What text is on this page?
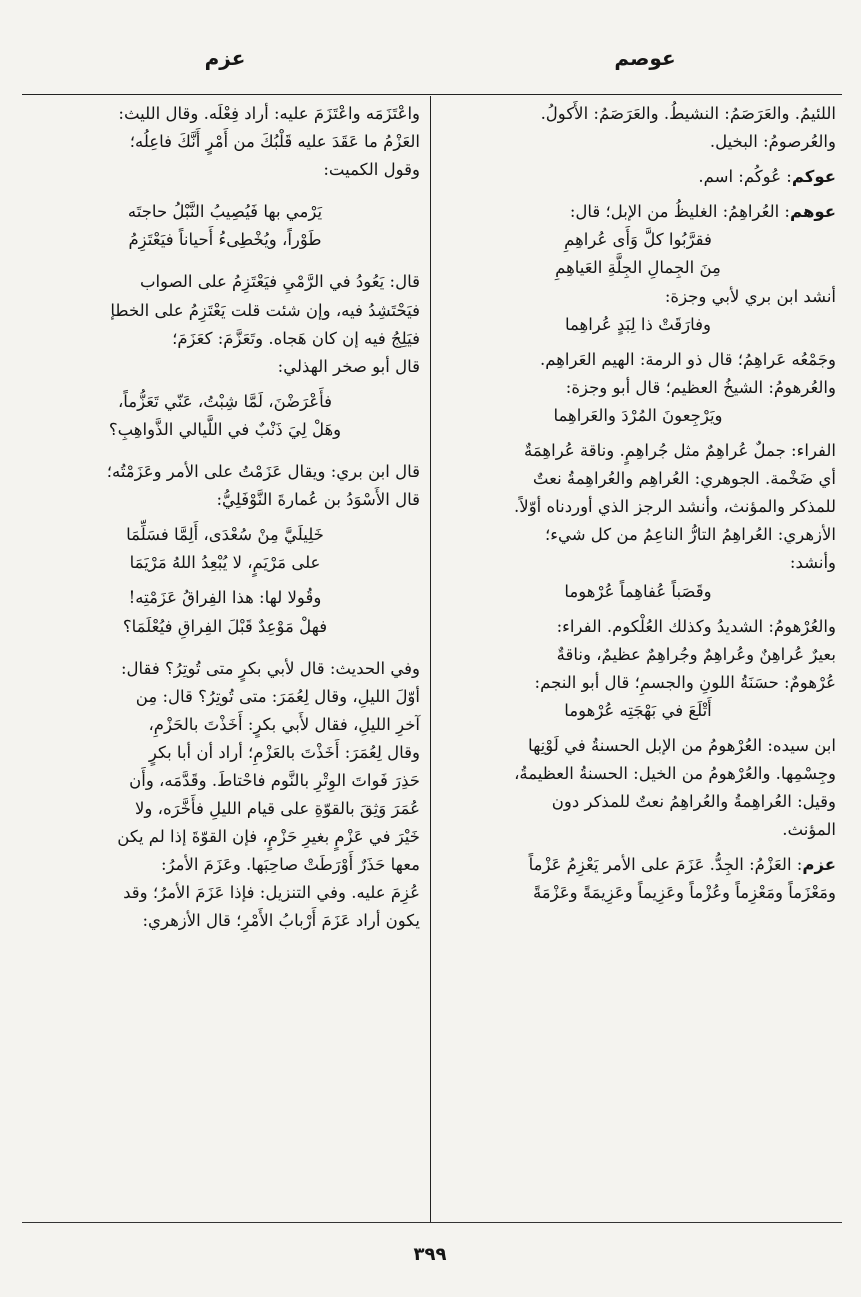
عوصم
عزم
اللئيمُ. والعَرَصَمُ: النشيطُ. والعَرَصَمُ: الأَكولُ.
والعُرصومُ: البخيل.
عوكم: عُوكُم: اسم.
عوهم: العُراهِمُ: الغليظُ من الإبل؛ قال:
فقرَّبُوا كلَّ وَأَى عُراهِمِ
مِنَ الجِمالِ الجِلَّةِ العَياهِمِ
أنشد ابن بري لأبي وجزة:
وفارَقَتْ ذا لِبَدٍ عُراهِما
وجَمْعُه عَراهِمُ؛ قال ذو الرمة: الهيم العَراهِم.
والعُرهومُ: الشيخُ العظيم؛ قال أبو وجزة:
ويَرْجِعونَ المُرْدَ والعَراهِما
الفراء: جملٌ عُراهِمٌ مثل جُراهِمٍ. وناقة عُراهِمَةٌ
أي ضَخْمة. الجوهري: العُراهِم والعُراهِمةُ نعتٌ
للمذكر والمؤنث، وأنشد الرجز الذي أوردناه أوّلاً.
الأزهري: العُراهِمُ التارُّ الناعِمُ من كل شيء؛
وأنشد:
وقَصَباً عُفاهِماً عُرْهوما
والعُرْهومُ: الشديدُ وكذلك العُلْكوم. الفراء:
بعيرٌ عُراهِنٌ وعُراهِمٌ وجُراهِمٌ عظيمٌ، وناقةٌ
عُرْهومٌ: حسَنَةُ اللونِ والجسمِ؛ قال أبو النجم:
أَتْلَعَ في بَهْجَتِه عُرْهوما
ابن سيده: العُرْهومُ من الإبل الحسنةُ في لَوْنِها
وجِسْمِها. والعُرْهومُ من الخيل: الحسنةُ العظيمةُ،
وقيل: العُراهِمةُ والعُراهِمُ نعتٌ للمذكر دون
المؤنث.
عزم: العَزْمُ: الجِدُّ. عَزَمَ على الأمر يَعْزِمُ عَزْماً
ومَعْزَماً ومَعْزِماً وعُزْماً وعَزِيماً وعَزِيمَةً وعَزْمَةً
واعْتَزَمَه واعْتَزَمَ عليه: أراد فِعْلَه. وقال الليث:
العَزْمُ ما عَقَدَ عليه قَلْبُكَ من أَمْرٍ أَنَّكَ فاعِلُه؛
وقول الكميت:
يَرْمي بها فَيُصِيبُ النَّبْلُ حاجتَه
طَوْراً، ويُخْطِىءُ أَحياناً فيَعْتَزِمُ
قال: يَعُودُ في الرَّمْيِ فيَعْتَزِمُ على الصواب
فيَحْتَشِدُ فيه، وإن شئت قلت يَعْتَزِمُ على الخطإ
فيَلِجُ فيه إن كان هَجاه. وتَعَزَّمَ: كعَزَمَ؛
قال أبو صخر الهذلي:
فأَعْرَضْنَ، لَمَّا شِبْتُ، عَنّي تَعَزُّماً،
وهَلْ لِيَ ذَنْبٌ في اللَّيالي الذَّواهِبِ؟
قال ابن بري: ويقال عَزَمْتُ على الأمر وعَزَمْتُه؛
قال الأَسْوَدُ بن عُمارةَ النَّوْفَلِيُّ:
خَلِيلَيَّ مِنْ سُعْدَى، أَلِمَّا فسَلِّمَا
على مَرْيَمٍ، لا يُبْعِدُ اللهُ مَرْيَمَا
وقُولا لها: هذا الفِراقُ عَزَمْتِه!
فهلْ مَوْعِدٌ قَبْلَ الفِراقِ فيُعْلَمَا؟
وفي الحديث: قال لأبي بكرٍ متى تُوتِرُ؟ فقال:
أوّلَ الليلِ، وقال لِعُمَرَ: متى تُوتِرُ؟ قال: مِن
آخرِ الليلِ، فقال لأَبي بكرٍ: أَخَذْتَ بالحَزْمِ،
وقال لِعُمَرَ: أَخَذْتَ بالعَزْمِ؛ أراد أن أبا بكرٍ
حَذِرَ فَواتَ الوِتْرِ بالنَّوم فاحْتاطَ. وقَدَّمَه، وأَن
عُمَرَ وَثِقَ بالقوّةِ على قيام الليلِ فأَخَّرَه، ولا
خَيْرَ في عَزْمٍ بغيرِ حَزْمٍ، فإن القوّةَ إذا لم يكن
معها حَذَرٌ أَوْرَطَتْ صاحِبَها. وعَزَمَ الأمرُ:
عُزِمَ عليه. وفي التنزيل: فإذا عَزَمَ الأمرُ؛ وقد
يكون أراد عَزَمَ أَرْبابُ الأَمْرِ؛ قال الأزهري:
٣٩٩
